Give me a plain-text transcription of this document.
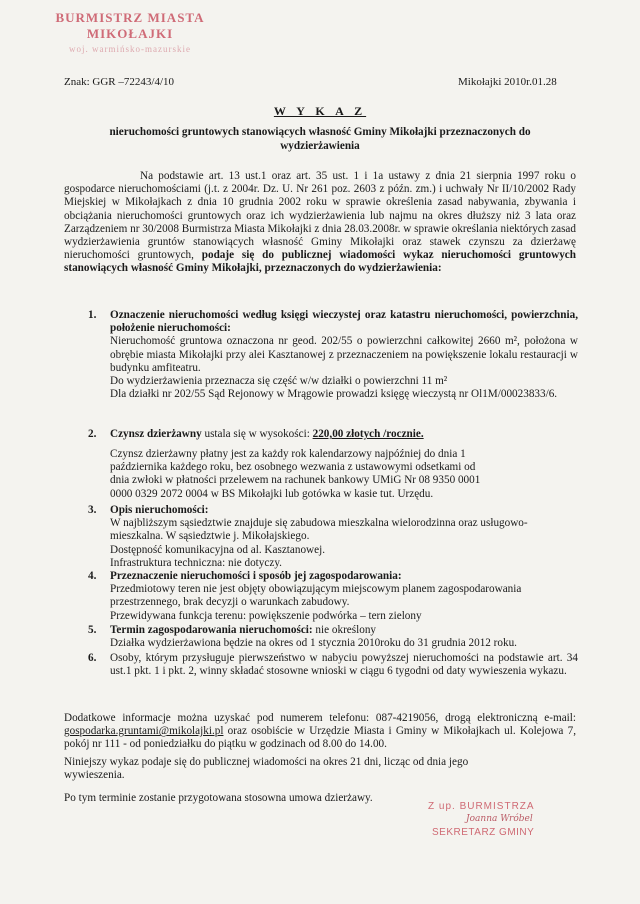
BURMISTRZ MIASTA MIKOŁAJKI
woj. warmińsko-mazurskie
Znak: GGR –72243/4/10	Mikołajki 2010r.01.28
W Y K A Z
nieruchomości gruntowych stanowiących własność Gminy Mikołajki przeznaczonych do wydzierżawienia
Na podstawie art. 13 ust.1 oraz art. 35 ust. 1 i 1a ustawy z dnia 21 sierpnia 1997 roku o gospodarce nieruchomościami (j.t. z 2004r. Dz. U. Nr 261 poz. 2603 z późn. zm.) i uchwały Nr II/10/2002 Rady Miejskiej w Mikołajkach z dnia 10 grudnia 2002 roku w sprawie określenia zasad nabywania, zbywania i obciążania nieruchomości gruntowych oraz ich wydzierżawienia lub najmu na okres dłuższy niż 3 lata oraz Zarządzeniem nr 30/2008 Burmistrza Miasta Mikołajki z dnia 28.03.2008r. w sprawie określania niektórych zasad wydzierżawienia gruntów stanowiących własność Gminy Mikołajki oraz stawek czynszu za dzierżawę nieruchomości gruntowych, podaje się do publicznej wiadomości wykaz nieruchomości gruntowych stanowiących własność Gminy Mikołajki, przeznaczonych do wydzierżawienia:
1. Oznaczenie nieruchomości według księgi wieczystej oraz katastru nieruchomości, powierzchnia, położenie nieruchomości:
Nieruchomość gruntowa oznaczona nr geod. 202/55 o powierzchni całkowitej 2660 m², położona w obrębie miasta Mikołajki przy alei Kasztanowej z przeznaczeniem na powiększenie lokalu restauracji w budynku amfiteatru.
Do wydzierżawienia przeznacza się część w/w działki o powierzchni 11 m²
Dla działki nr 202/55 Sąd Rejonowy w Mrągowie prowadzi księgę wieczystą nr Ol1M/00023833/6.
2. Czynsz dzierżawny ustala się w wysokości: 220,00 złotych /rocznie.
Czynsz dzierżawny płatny jest za każdy rok kalendarzowy najpóźniej do dnia 1 października każdego roku, bez osobnego wezwania z ustawowymi odsetkami od dnia zwłoki w płatności przelewem na rachunek bankowy UMiG Nr 08 9350 0001 0000 0329 2072 0004 w BS Mikołajki lub gotówka w kasie tut. Urzędu.
3. Opis nieruchomości:
W najbliższym sąsiedztwie znajduje się zabudowa mieszkalna wielorodzinna oraz usługowo-mieszkalna. W sąsiedztwie j. Mikołajskiego.
Dostępność komunikacyjna od al. Kasztanowej.
Infrastruktura techniczna: nie dotyczy.
4. Przeznaczenie nieruchomości i sposób jej zagospodarowania:
Przedmiotowy teren nie jest objęty obowiązującym miejscowym planem zagospodarowania przestrzennego, brak decyzji o warunkach zabudowy.
Przewidywana funkcja terenu: powiększenie podwórka – tern zielony
5. Termin zagospodarowania nieruchomości: nie określony
Działka wydzierżawiona będzie na okres od 1 stycznia 2010roku do 31 grudnia 2012 roku.
6. Osoby, którym przysługuje pierwszeństwo w nabyciu powyższej nieruchomości na podstawie art. 34 ust.1 pkt. 1 i pkt. 2, winny składać stosowne wnioski w ciągu 6 tygodni od daty wywieszenia wykazu.
Dodatkowe informacje można uzyskać pod numerem telefonu: 087-4219056, drogą elektroniczną e-mail: gospodarka.gruntami@mikolajki.pl oraz osobiście w Urzędzie Miasta i Gminy w Mikołajkach ul. Kolejowa 7, pokój nr 111 - od poniedziałku do piątku w godzinach od 8.00 do 14.00.
Niniejszy wykaz podaje się do publicznej wiadomości na okres 21 dni, licząc od dnia jego wywieszenia.
Po tym terminie zostanie przygotowana stosowna umowa dzierżawy.
Z up. BURMISTRZA
Joanna Wróbel
SEKRETARZ GMINY
